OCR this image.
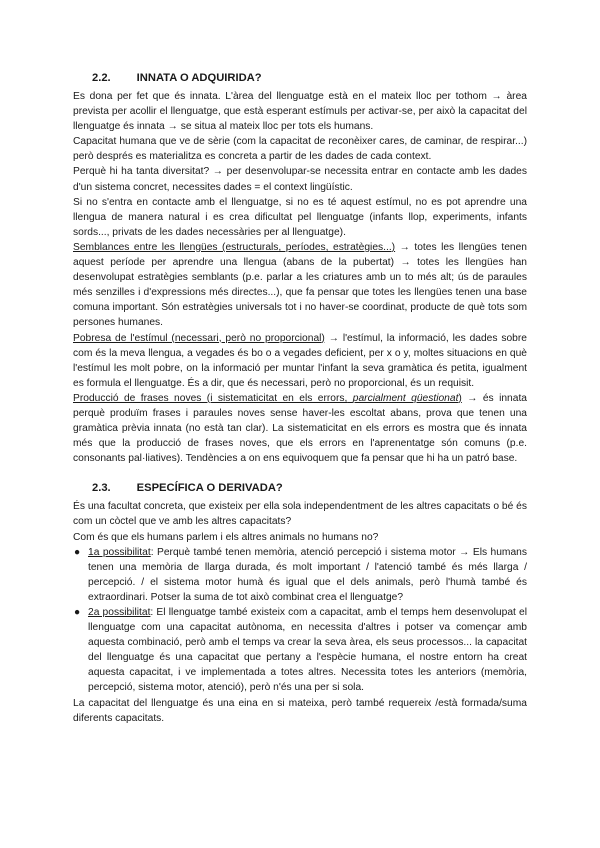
2.2. INNATA O ADQUIRIDA?

Es dona per fet que és innata. L'àrea del llenguatge està en el mateix lloc per tothom → àrea prevista per acollir el llenguatge, que està esperant estímuls per activar-se, per això la capacitat del llenguatge és innata → se situa al mateix lloc per tots els humans.

Capacitat humana que ve de sèrie (com la capacitat de reconèixer cares, de caminar, de respirar...) però després es materialitza es concreta a partir de les dades de cada context.

Perquè hi ha tanta diversitat? → per desenvolupar-se necessita entrar en contacte amb les dades d'un sistema concret, necessites dades = el context lingüístic.

Si no s'entra en contacte amb el llenguatge, si no es té aquest estímul, no es pot aprendre una llengua de manera natural i es crea dificultat pel llenguatge (infants llop, experiments, infants sords..., privats de les dades necessàries per al llenguatge).

Semblances entre les llengües (estructurals, períodes, estratègies...) → totes les llengües tenen aquest període per aprendre una llengua (abans de la pubertat) → totes les llengües han desenvolupat estratègies semblants (p.e. parlar a les criatures amb un to més alt; ús de paraules més senzilles i d'expressions més directes...), que fa pensar que totes les llengües tenen una base comuna important. Són estratègies universals tot i no haver-se coordinat, producte de què tots som persones humanes.

Pobresa de l'estímul (necessari, però no proporcional) → l'estímul, la informació, les dades sobre com és la meva llengua, a vegades és bo o a vegades deficient, per x o y, moltes situacions en què l'estímul les molt pobre, on la informació per muntar l'infant la seva gramàtica és petita, igualment es formula el llenguatge. És a dir, que és necessari, però no proporcional, és un requisit.

Producció de frases noves (i sistematicitat en els errors, parcialment qüestionat) → és innata perquè produïm frases i paraules noves sense haver-les escoltat abans, prova que tenen una gramàtica prèvia innata (no està tan clar). La sistematicitat en els errors es mostra que és innata més que la producció de frases noves, que els errors en l'aprenentatge són comuns (p.e. consonants pal·liatives). Tendències a on ens equivoquem que fa pensar que hi ha un patró base.

2.3. ESPECÍFICA O DERIVADA?

És una facultat concreta, que existeix per ella sola independentment de les altres capacitats o bé és com un còctel que ve amb les altres capacitats?

Com és que els humans parlem i els altres animals no humans no?

● 1a possibilitat: Perquè també tenen memòria, atenció percepció i sistema motor → Els humans tenen una memòria de llarga durada, és molt important / l'atenció també és més llarga / percepció. / el sistema motor humà és igual que el dels animals, però l'humà també és extraordinari. Potser la suma de tot això combinat crea el llenguatge?
● 2a possibilitat: El llenguatge també existeix com a capacitat, amb el temps hem desenvolupat el llenguatge com una capacitat autònoma, en necessita d'altres i potser va començar amb aquesta combinació, però amb el temps va crear la seva àrea, els seus processos... la capacitat del llenguatge és una capacitat que pertany a l'espècie humana, el nostre entorn ha creat aquesta capacitat, i ve implementada a totes altres. Necessita totes les anteriors (memòria, percepció, sistema motor, atenció), però n'és una per si sola.

La capacitat del llenguatge és una eina en si mateixa, però també requereix /està formada/suma diferents capacitats.
